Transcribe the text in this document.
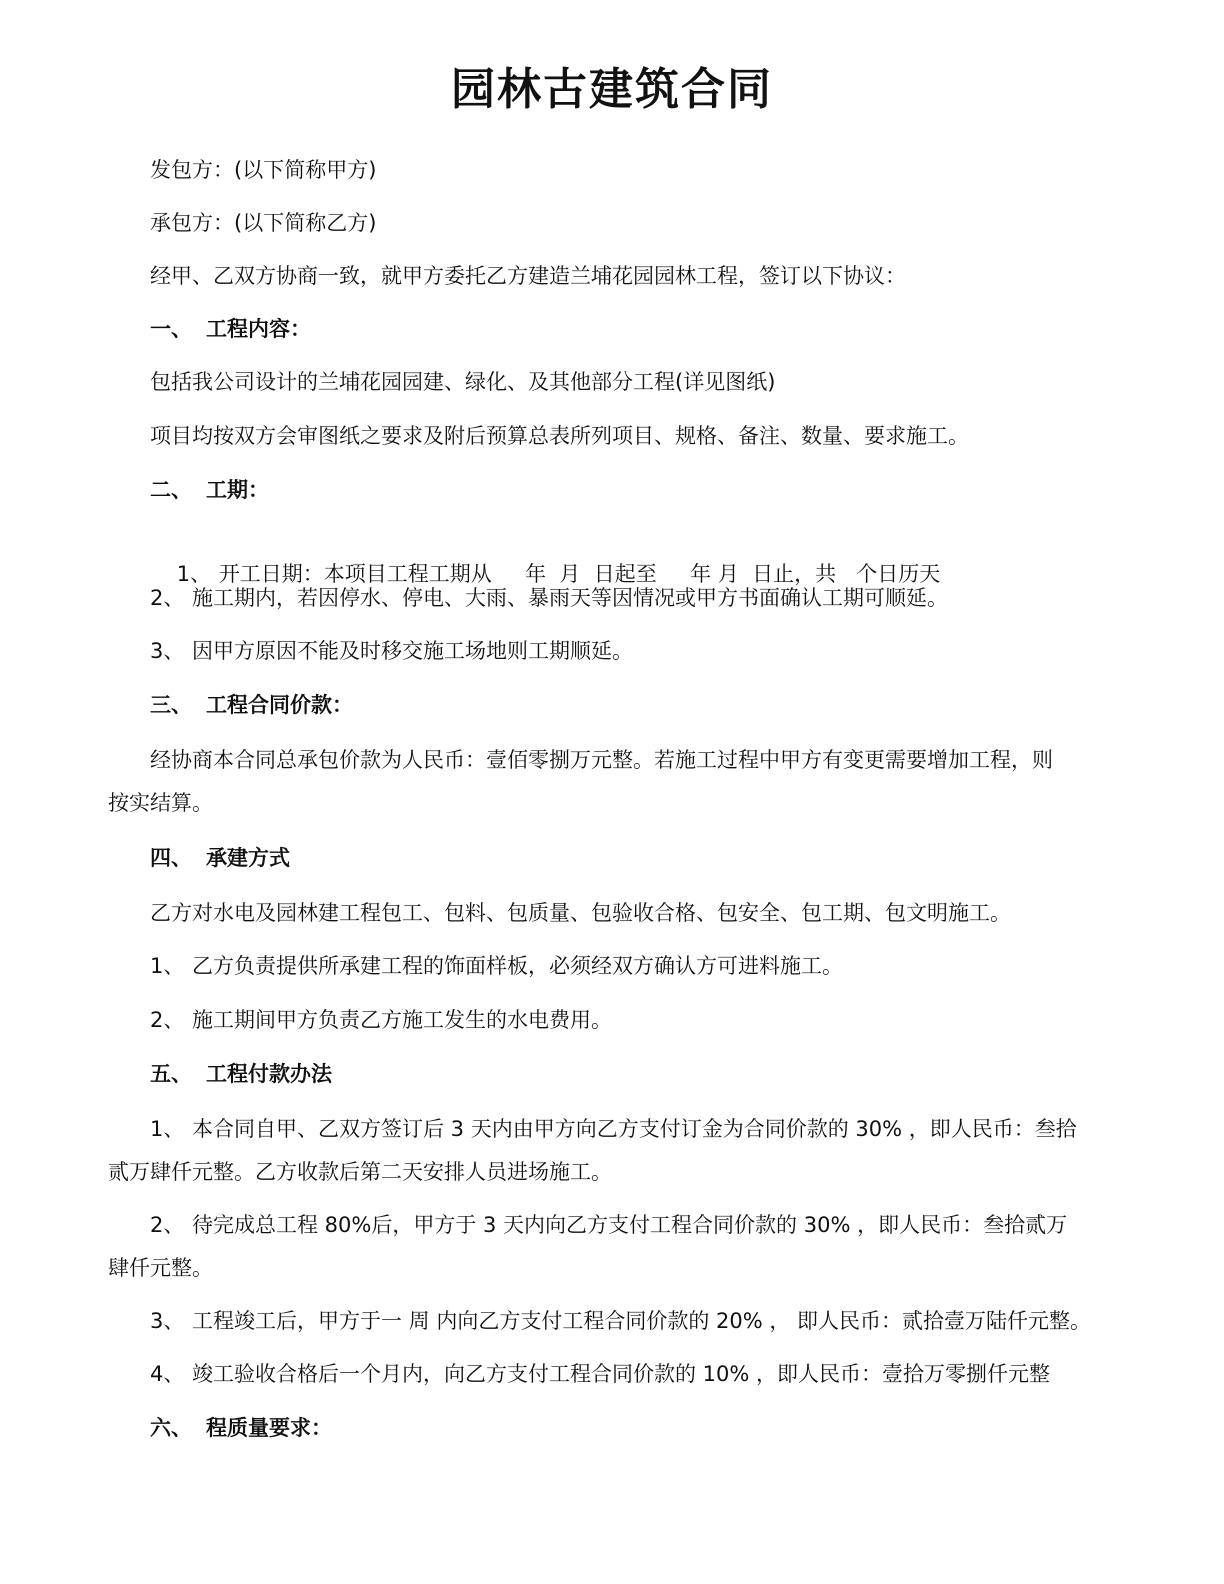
园林古建筑合同
发包方：(以下简称甲方)
承包方：(以下简称乙方)
经甲、乙双方协商一致，就甲方委托乙方建造兰埔花园园林工程，签订以下协议：
一、 工程内容：
包括我公司设计的兰埔花园园建、绿化、及其他部分工程(详见图纸)
项目均按双方会审图纸之要求及附后预算总表所列项目、规格、备注、数量、要求施工。
二、 工期：

1、 开工日期：本项目工程工期从     年  月  日起至     年 月  日止，共   个日历天

2、 施工期内，若因停水、停电、大雨、暴雨天等因情况或甲方书面确认工期可顺延。
3、 因甲方原因不能及时移交施工场地则工期顺延。
三、 工程合同价款：
经协商本合同总承包价款为人民币：壹佰零捌万元整。若施工过程中甲方有变更需要增加工程，则
按实结算。
四、 承建方式
乙方对水电及园林建工程包工、包料、包质量、包验收合格、包安全、包工期、包文明施工。
1、 乙方负责提供所承建工程的饰面样板，必须经双方确认方可进料施工。
2、 施工期间甲方负责乙方施工发生的水电费用。
五、 工程付款办法
1、 本合同自甲、乙双方签订后 3 天内由甲方向乙方支付订金为合同价款的 30% ，即人民币：叁拾
贰万肆仟元整。乙方收款后第二天安排人员进场施工。
2、 待完成总工程 80%后，甲方于 3 天内向乙方支付工程合同价款的 30% ，即人民币：叁拾贰万
肆仟元整。
3、 工程竣工后，甲方于一 周 内向乙方支付工程合同价款的 20% ， 即人民币：贰拾壹万陆仟元整。
4、 竣工验收合格后一个月内，向乙方支付工程合同价款的 10% ，即人民币：壹拾万零捌仟元整
六、 程质量要求：
